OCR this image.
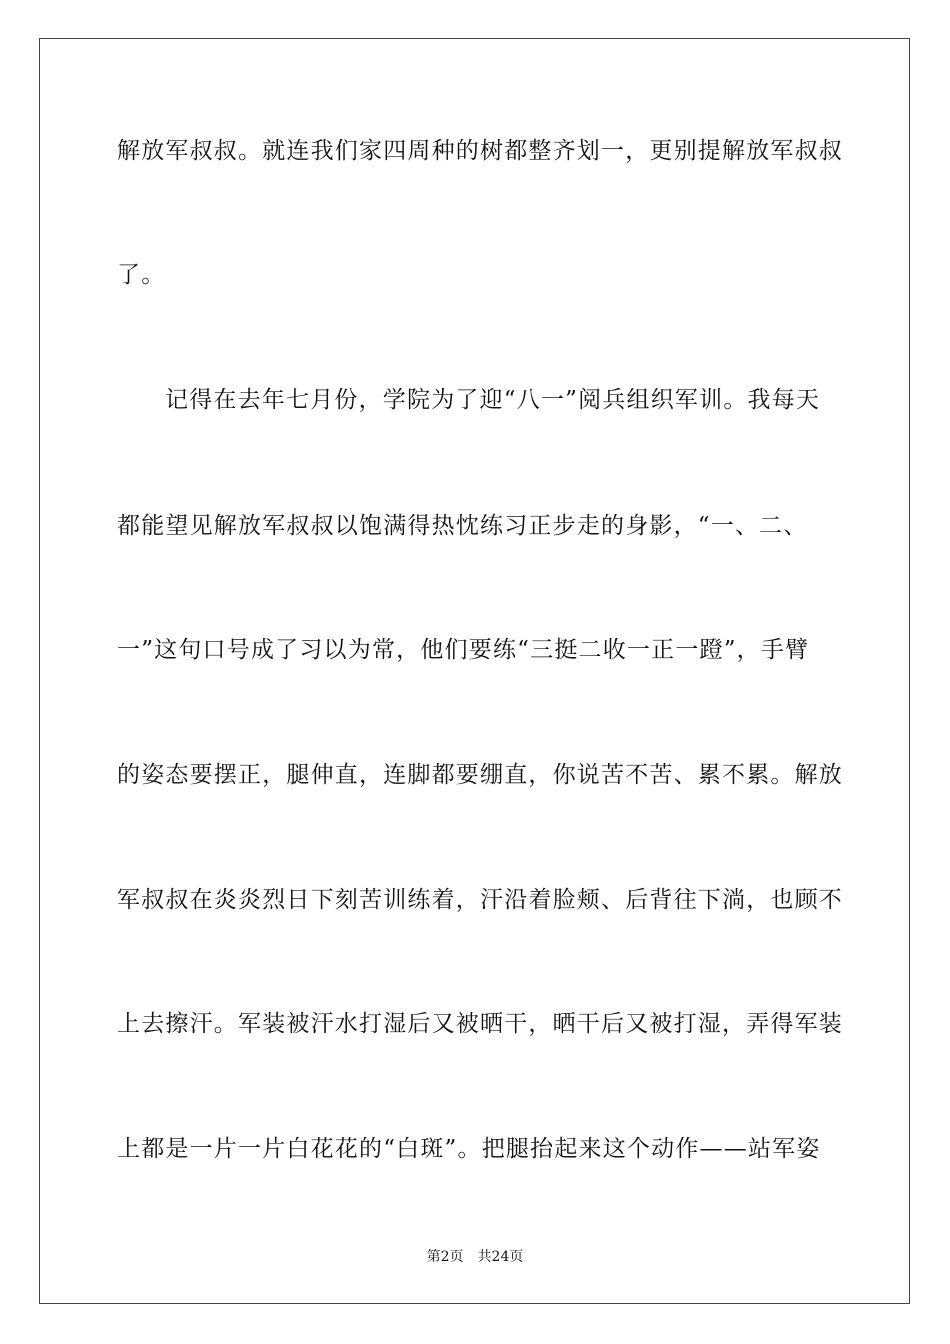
解放军叔叔。就连我们家四周种的树都整齐划一，更别提解放军叔叔
了。
记得在去年七月份，学院为了迎“八一”阅兵组织军训。我每天
都能望见解放军叔叔以饱满得热忱练习正步走的身影，“一、二、
一”这句口号成了习以为常，他们要练“三挺二收一正一蹬”，手臂
的姿态要摆正，腿伸直，连脚都要绷直，你说苦不苦、累不累。解放
军叔叔在炎炎烈日下刻苦训练着，汗沿着脸颊、后背往下淌，也顾不
上去擦汗。军装被汗水打湿后又被晒干，晒干后又被打湿，弄得军装
上都是一片一片白花花的“白斑”。把腿抬起来这个动作——站军姿
第2页 共24页
